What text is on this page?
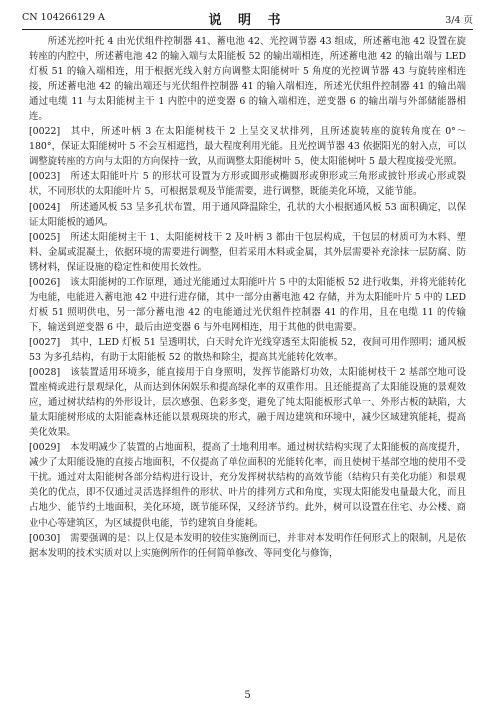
CN 104266129 A	说 明 书	3/4 页

所述光控叶托 4 由光伏组件控制器 41、蓄电池 42、光控调节器 43 组成，所述蓄电池 42 设置在旋转座的内腔中，所述蓄电池 42 的输入端与太阳能板 52 的输出端相连，所述蓄电池 42 的输出端与 LED 灯板 51 的输入端相连，用于根据光线入射方向调整太阳能树叶 5 角度的光控调节器 43 与旋转座相连接，所述蓄电池 42 的输出端还与光伏组件控制器 41 的输入端相连，所述光伏组件控制器 41 的输出端通过电缆 11 与太阳能树主干 1 内腔中的逆变器 6 的输入端相连，逆变器 6 的输出端与外部储能器相连。

[0022] 其中，所述叶柄 3 在太阳能树枝干 2 上呈交叉状排列，且所述旋转座的旋转角度在 0°～180°，保证太阳能树叶 5 不会互相遮挡，最大程度利用光能。且光控调节器 43 依据阳光的射入点，可以调整旋转座的方向与太阳的方向保持一致，从而调整太阳能树叶 5，使太阳能树叶 5 最大程度接受光照。

[0023] 所述太阳能叶片 5 的形状可设置为方形或圆形或椭圆形或卵形或三角形或披针形或心形或裂状，不同形状的太阳能叶片 5，可根据景观及节能需要，进行调整，既能美化环境，又能节能。

[0024] 所述通风板 53 呈多孔状布置，用于通风降温除尘，孔状的大小根据通风板 53 面积确定，以保证太阳能板的通风。

[0025] 所述太阳能树主干 1、太阳能树枝干 2 及叶柄 3 都由干包层构成，干包层的材质可为木料、塑料、金属或混凝土，依据环境的需要进行调整，但若采用木料或金属，其外层需要补充涂抹一层防腐、防锈材料，保证设施的稳定性和使用长效性。

[0026] 该太阳能树的工作原理，通过光能通过太阳能叶片 5 中的太阳能板 52 进行收集，并将光能转化为电能，电能进入蓄电池 42 中进行进存储，其中一部分由蓄电池 42 存储，并为太阳能叶片 5 中的 LED 灯板 51 照明供电，另一部分蓄电池 42 的电能通过光伏组件控制器 41 的作用，且在电缆 11 的传输下，输送到逆变器 6 中，最后由逆变器 6 与外电网相连，用于其他的供电需要。

[0027] 其中，LED 灯板 51 呈透明状，白天时允许光线穿透至太阳能板 52，夜间可用作照明；通风板 53 为多孔结构，有助于太阳能板 52 的散热和除尘，提高其光能转化效率。

[0028] 该装置适用环境多，能直接用于自身照明，发挥节能路灯功效，太阳能树枝干 2 基部空地可设置座椅或进行景观绿化，从而达到休闲娱乐和提高绿化率的双重作用。且还能提高了太阳能设施的景观效应，通过树状结构的外形设计，层次感强、色彩多变，避免了纯太阳能板形式单一、外形古板的缺陷，大量太阳能树形成的太阳能森林还能以景观斑块的形式，融于周边建筑和环境中，减少区域建筑能耗，提高美化效果。

[0029] 本发明减少了装置的占地面积，提高了土地利用率。通过树状结构实现了太阳能板的高度提升，减少了太阳能设施的直接占地面积，不仅提高了单位面积的光能转化率，而且使树干基部空地的使用不受干扰。通过对太阳能树各部分结构进行设计，充分发挥树状结构的高效节能（结构只有美化功能）和景观美化的优点，即不仅通过灵活选择组件的形状、叶片的排列方式和角度，实现太阳能发电量最大化，而且占地少、能节约土地面积，美化环境，既节能环保，又经济节约。此外，树可以设置在住宅、办公楼、商业中心等建筑区，为区域提供电能，节约建筑自身能耗。

[0030] 需要强调的是：以上仅是本发明的较佳实施例而已，并非对本发明作任何形式上的限制，凡是依据本发明的技术实质对以上实施例所作的任何简单修改、等同变化与修饰，

5
